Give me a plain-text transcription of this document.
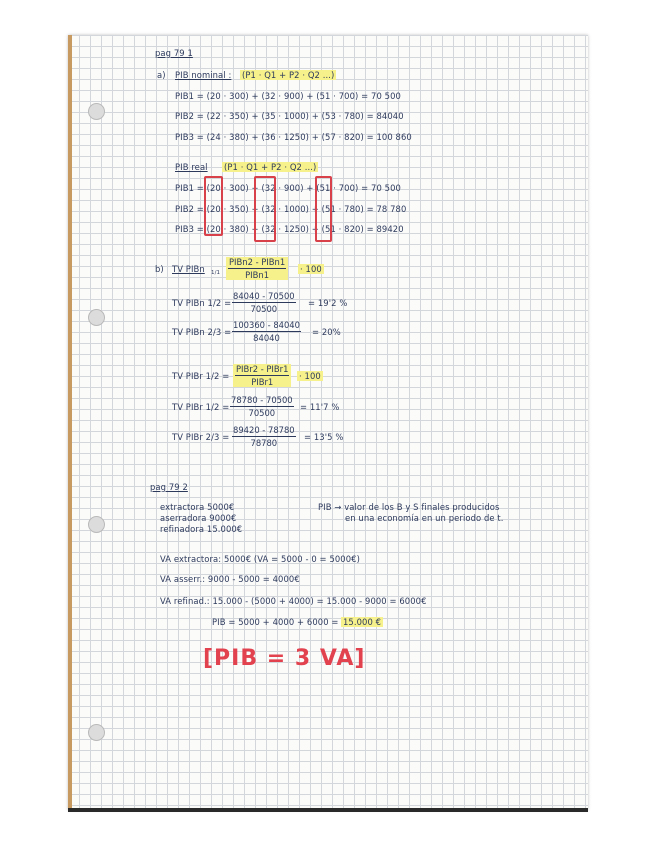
pag 79 1
a) PIB nominal : (P1 · Q1 + P2 · Q2 ...)
PIB1 = (20 · 300) + (32 · 900) + (51 · 700) = 70 500
PIB2 = (22 · 350) + (35 · 1000) + (53 · 780) = 84040
PIB3 = (24 · 380) + (36 · 1250) + (57 · 820) = 100 860
PIB real (P1 · Q1 + P2 · Q2 ...)
PIB1 = (20 · 300) + (32 · 900) + (51 · 700) = 70 500
PIB2 = (20 · 350) + (32 · 1000) + (51 · 780) = 78 780
PIB3 = (20 · 380) + (32 · 1250) + (51 · 820) = 89420
b) TV PIBn 1/1
PIBn2 - PIBn1
PIBn1
· 100
TV PIBn $1/2 = \frac{84040 - 70500}{70500} = 19'2$ %
TV PIBn $2/3 = \frac{100360 - 84040}{84040} = 20\%$
TV PIBr 1/2 =
PIBr2 - PIBr1
PIBr1
· 100
TV PIBr $1/2 = \frac{78780 - 70500}{70500} = 11'7$ %
TV PIBr $2/3 = \frac{89420 - 78780}{78780} = 13'5$ %
pag 79 2
extractora 5000€
aserradora 9000€
refinadora 15.000€
PIB → valor de los B y S finales producidos
en una economía en un periodo de t.
VA extractora: 5000€ (VA = 5000 - 0 = 5000€)
VA asserr.: 9000 - 5000 = 4000€
VA refinad.: 15.000 - (5000 + 4000) = 15.000 - 9000 = 6000€
PIB = 5000 + 4000 + 6000 = 15.000 €
[PIB = 3 VA]
